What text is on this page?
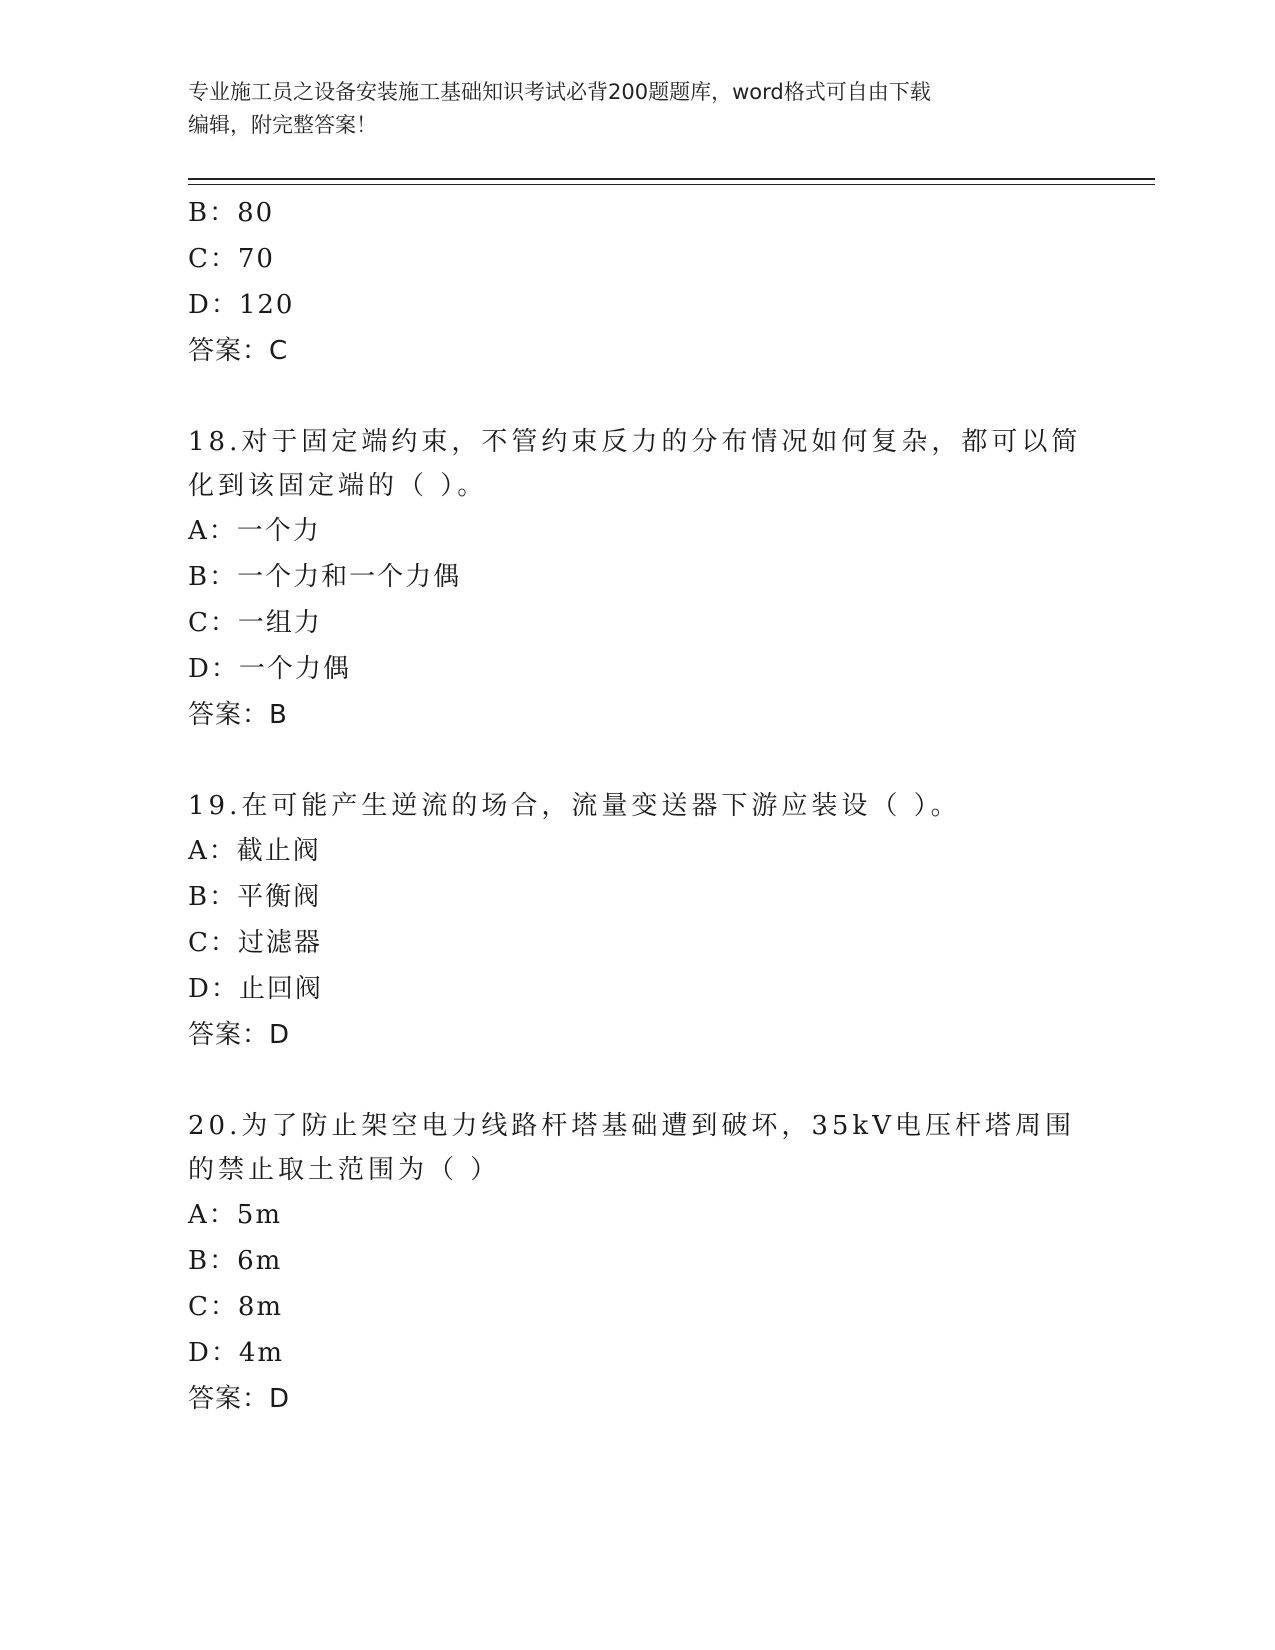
专业施工员之设备安装施工基础知识考试必背200题题库，word格式可自由下载
编辑，附完整答案！
B：80
C：70
D：120
答案：C
18.对于固定端约束，不管约束反力的分布情况如何复杂，都可以简化到该固定端的（ ）。
A：一个力
B：一个力和一个力偶
C：一组力
D：一个力偶
答案：B
19.在可能产生逆流的场合，流量变送器下游应装设（ ）。
A：截止阀
B：平衡阀
C：过滤器
D：止回阀
答案：D
20.为了防止架空电力线路杆塔基础遭到破坏，35kV电压杆塔周围的禁止取土范围为（ ）
A：5m
B：6m
C：8m
D：4m
答案：D
